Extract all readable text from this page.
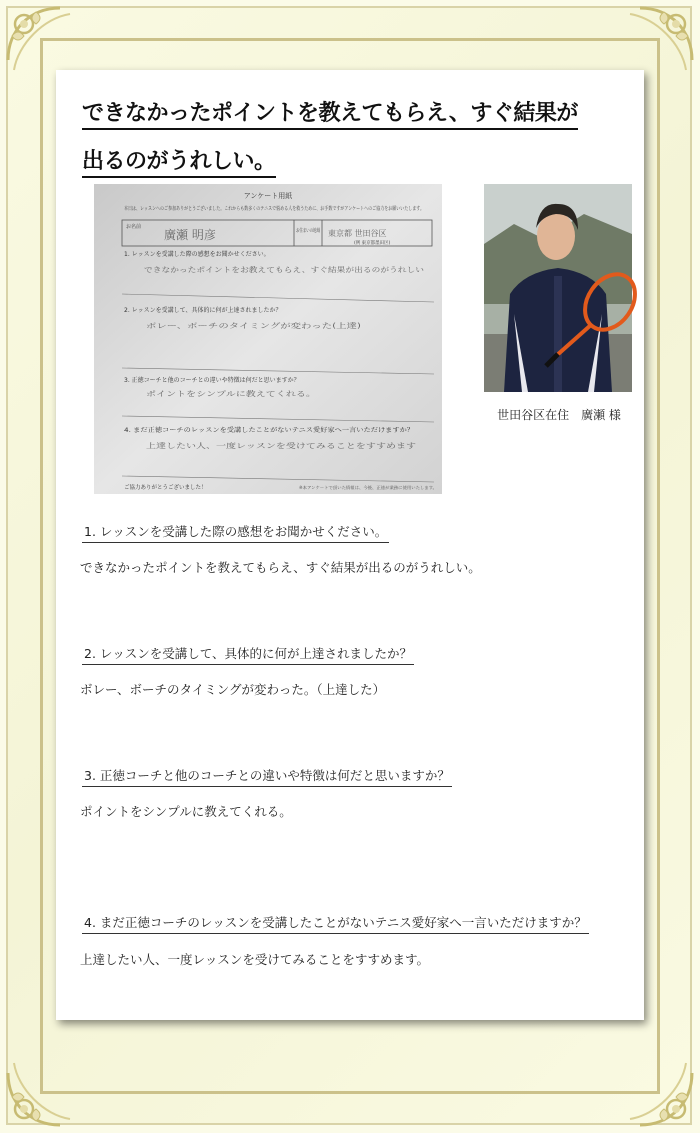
できなかったポイントを教えてもらえ、すぐ結果が
出るのがうれしい。
アンケート用紙
本日は、レッスンへのご参加ありがとうございました。これからも数多くのテニスで悩める人を救うために、お手数ですがアンケートへのご協力をお願いいたします。
お名前
廣瀬 明彦	お住まいの地域
東京都 世田谷区
(例 東京都墨田区)
1. レッスンを受講した際の感想をお聞かせください。
できなかったポイントをお教えてもらえ、すぐ結果が出るのがうれしい
2. レッスンを受講して、具体的に何が上達されましたか？
ボレー、ボーチのタイミングが変わった(上達)
3. 正徳コーチと他のコーチとの違いや特徴は何だと思いますか？
ポイントをシンプルに教えてくれる。
4. まだ正徳コーチのレッスンを受講したことがないテニス愛好家へ一言いただけますか？
上達したい人、一度レッスンを受けてみることをすすめます
ご協力ありがとうございました！	※本アンケートで頂いた情報は、今後、正徳が業務に使用いたします。
世田谷区在住　廣瀬 様
1. レッスンを受講した際の感想をお聞かせください。
できなかったポイントを教えてもらえ、すぐ結果が出るのがうれしい。
2. レッスンを受講して、具体的に何が上達されましたか？
ボレー、ボーチのタイミングが変わった。（上達した）
3. 正徳コーチと他のコーチとの違いや特徴は何だと思いますか？
ポイントをシンプルに教えてくれる。
4. まだ正徳コーチのレッスンを受講したことがないテニス愛好家へ一言いただけますか？
上達したい人、一度レッスンを受けてみることをすすめます。
